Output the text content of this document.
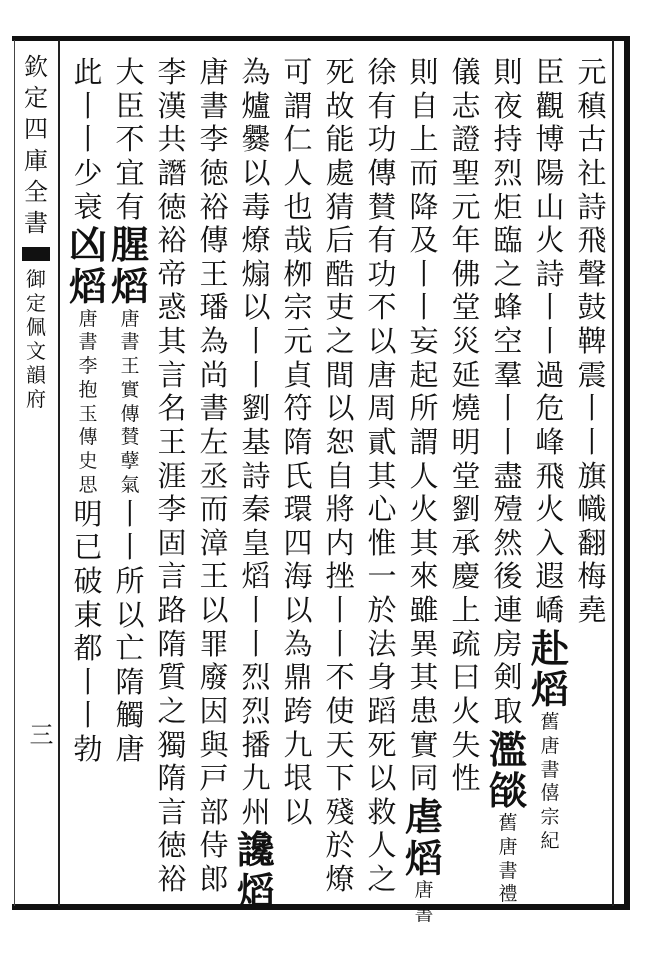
欽
定
四
庫
全
書
御
定
佩
文
韻
府
三
元
稹
古
社
詩
飛
聲
鼓
鞞
震
丨
丨
旗
幟
翻
梅
堯
臣
觀
博
陽
山
火
詩
丨
丨
過
危
峰
飛
火
入
遐
嶠
赴
熖
舊
唐
書
僖
宗
紀
則
夜
持
烈
炬
臨
之
蜂
空
羣
丨
丨
盡
殪
然
後
連
房
剣
取
濫
燄
舊
唐
書
禮
儀
志
證
聖
元
年
佛
堂
災
延
燒
明
堂
劉
承
慶
上
疏
曰
火
失
性
則
自
上
而
降
及
丨
丨
妄
起
所
謂
人
火
其
來
雖
異
其
患
實
同
虐
熖
唐
書
徐
有
功
傳
賛
有
功
不
以
唐
周
貳
其
心
惟
一
於
法
身
蹈
死
以
救
人
之
死
故
能
處
猜
后
酷
吏
之
間
以
恕
自
將
内
挫
丨
丨
不
使
天
下
殘
於
燎
可
謂
仁
人
也
哉
栁
宗
元
貞
符
隋
氏
環
四
海
以
為
鼎
跨
九
垠
以
為
爐
爨
以
毒
燎
煽
以
丨
丨
劉
基
詩
秦
皇
熖
丨
丨
烈
烈
播
九
州
讒
熖
唐
書
李
徳
裕
傳
王
璠
為
尚
書
左
丞
而
漳
王
以
罪
廢
因
與
戸
部
侍
郎
李
漢
共
譖
徳
裕
帝
惑
其
言
名
王
涯
李
固
言
路
隋
質
之
獨
隋
言
徳
裕
大
臣
不
宜
有
腥
熖
唐
書
王
實
傳
賛
孽
氣
丨
丨
所
以
亡
隋
觸
唐
此
丨
丨
少
衰
凶
熖
唐
書
李
抱
玉
傳
史
思
明
已
破
東
都
丨
丨
勃
